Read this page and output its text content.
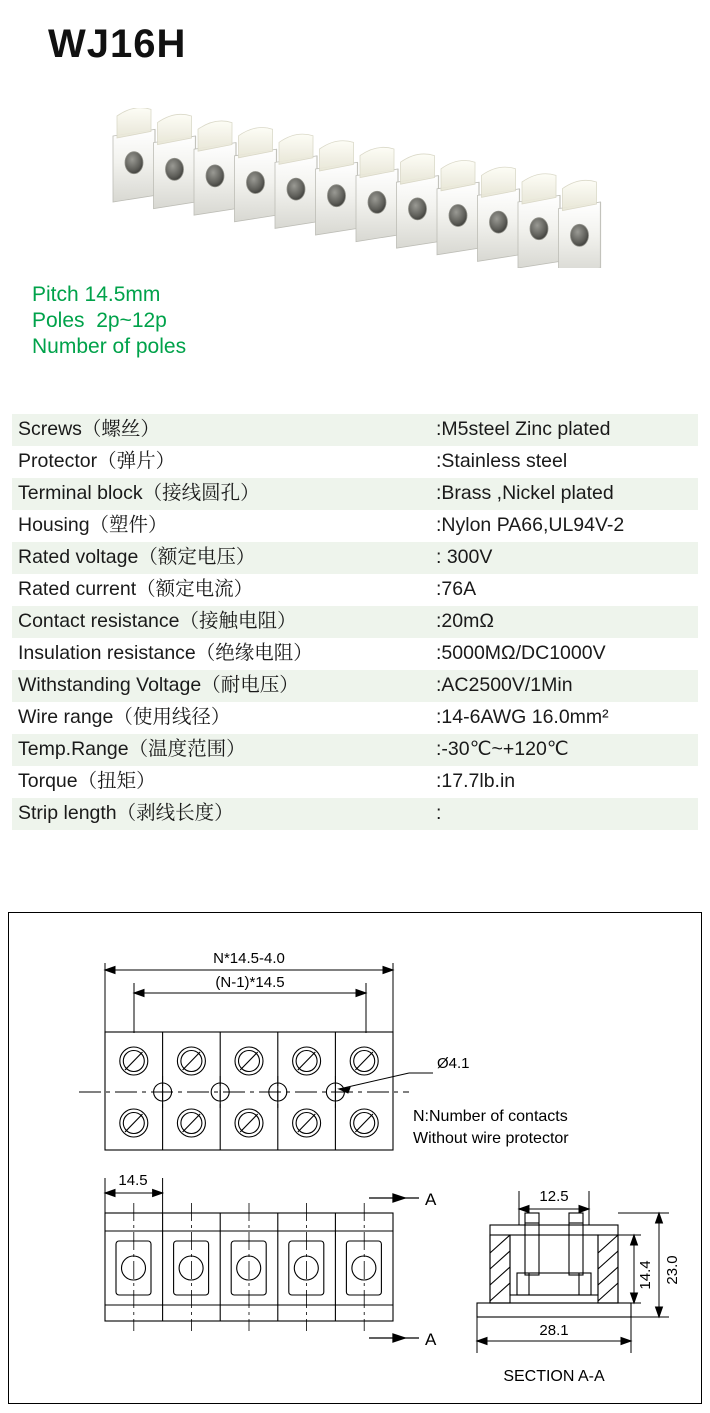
WJ16H
Pitch 14.5mm
Poles  2p~12p
Number of poles
Screws（螺丝）	:M5steel Zinc plated
Protector（弹片）	:Stainless steel
Terminal block（接线圆孔）	:Brass ,Nickel plated
Housing（塑件）	:Nylon PA66,UL94V-2
Rated voltage（额定电压）	: 300V
Rated current（额定电流）	:76A
Contact resistance（接触电阻）	:20mΩ
Insulation resistance（绝缘电阻）	:5000MΩ/DC1000V
Withstanding Voltage（耐电压）	:AC2500V/1Min
Wire range（使用线径）	:14-6AWG 16.0mm²
Temp.Range（温度范围）	:-30℃~+120℃
Torque（扭矩）	:17.7lb.in
Strip length（剥线长度）	:
N*14.5-4.0
(N-1)*14.5
Ø4.1
N:Number of contacts
Without wire protector
14.5
A
A
12.5
23.0
14.4
28.1
SECTION A-A
